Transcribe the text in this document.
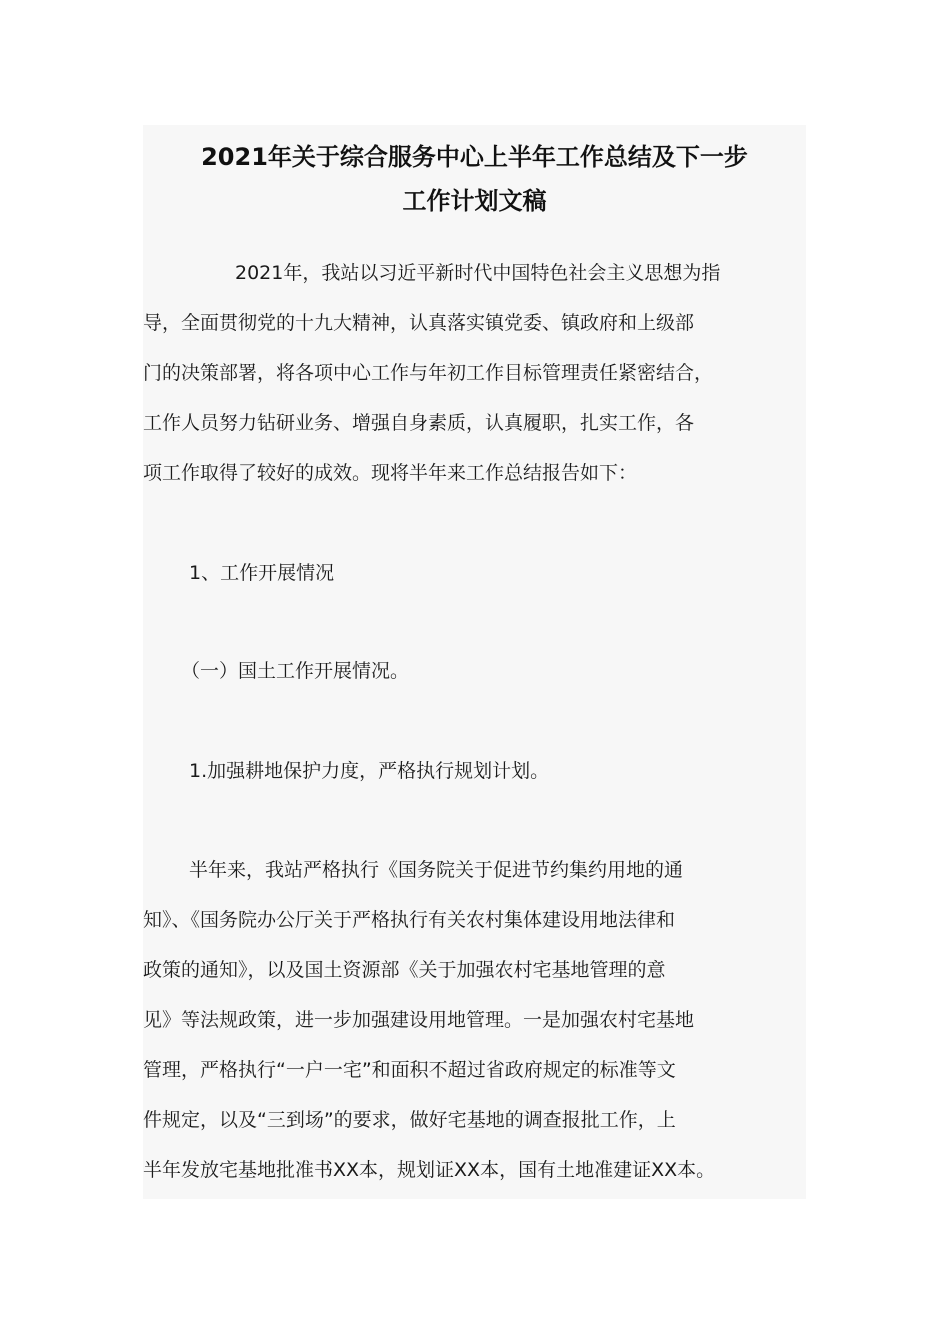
2021年关于综合服务中心上半年工作总结及下一步
工作计划文稿
2021年，我站以习近平新时代中国特色社会主义思想为指
导，全面贯彻党的十九大精神，认真落实镇党委、镇政府和上级部
门的决策部署，将各项中心工作与年初工作目标管理责任紧密结合，
工作人员努力钻研业务、增强自身素质，认真履职，扎实工作，各
项工作取得了较好的成效。现将半年来工作总结报告如下：
1、工作开展情况
（一）国土工作开展情况。
1.加强耕地保护力度，严格执行规划计划。
半年来，我站严格执行《国务院关于促进节约集约用地的通
知》、《国务院办公厅关于严格执行有关农村集体建设用地法律和
政策的通知》，以及国土资源部《关于加强农村宅基地管理的意
见》等法规政策，进一步加强建设用地管理。一是加强农村宅基地
管理，严格执行“一户一宅”和面积不超过省政府规定的标准等文
件规定，以及“三到场”的要求，做好宅基地的调查报批工作，上
半年发放宅基地批准书XX本，规划证XX本，国有土地准建证XX本。
